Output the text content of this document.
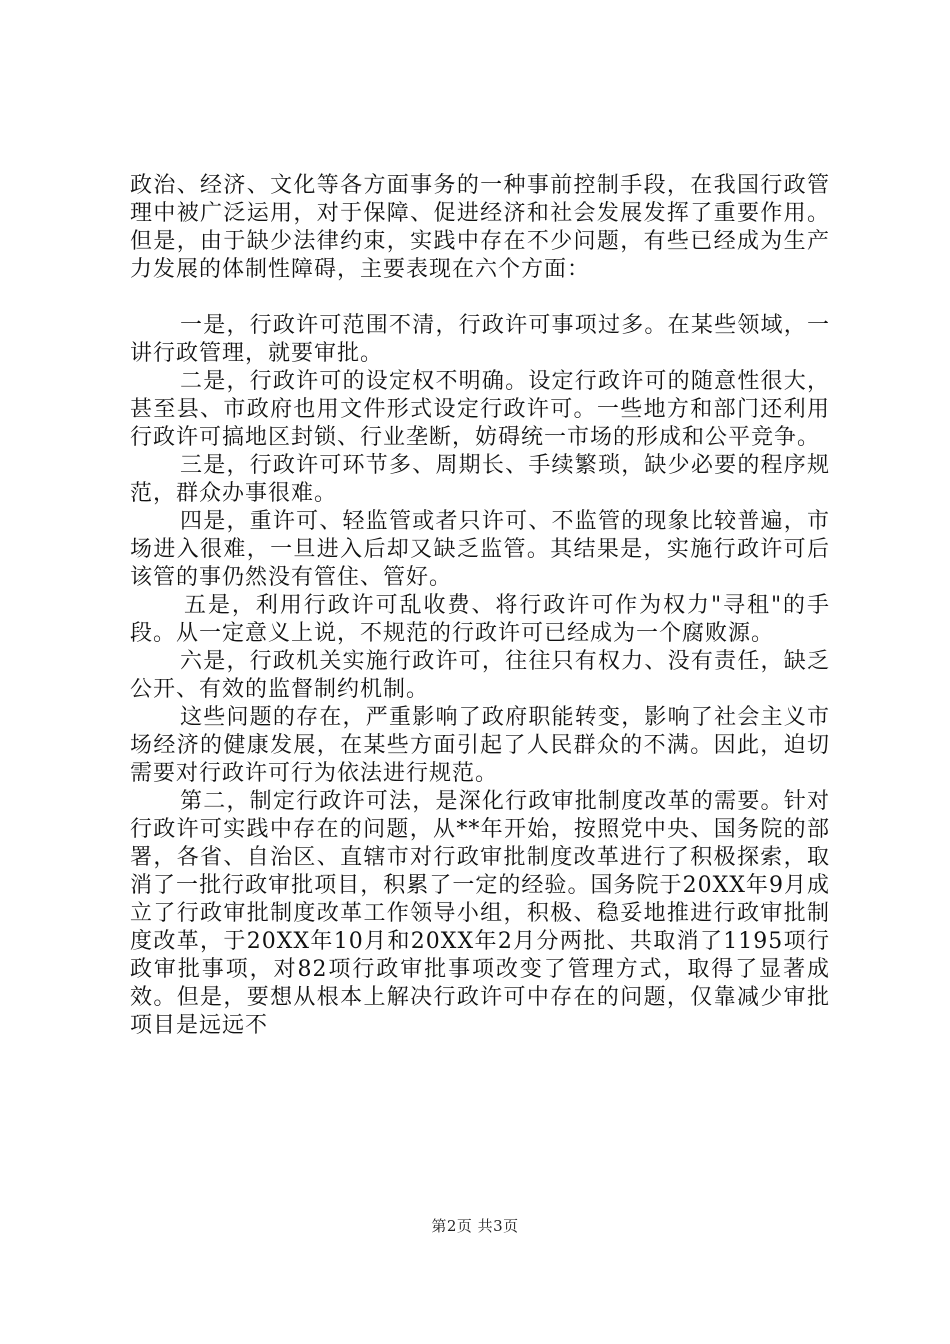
政治、经济、文化等各方面事务的一种事前控制手段，在我国行政管理中被广泛运用，对于保障、促进经济和社会发展发挥了重要作用。但是，由于缺少法律约束，实践中存在不少问题，有些已经成为生产力发展的体制性障碍，主要表现在六个方面：

一是，行政许可范围不清，行政许可事项过多。在某些领域，一讲行政管理，就要审批。

二是，行政许可的设定权不明确。设定行政许可的随意性很大，甚至县、市政府也用文件形式设定行政许可。一些地方和部门还利用行政许可搞地区封锁、行业垄断，妨碍统一市场的形成和公平竞争。

三是，行政许可环节多、周期长、手续繁琐，缺少必要的程序规范，群众办事很难。

四是，重许可、轻监管或者只许可、不监管的现象比较普遍，市场进入很难，一旦进入后却又缺乏监管。其结果是，实施行政许可后该管的事仍然没有管住、管好。

五是，利用行政许可乱收费、将行政许可作为权力"寻租"的手段。从一定意义上说，不规范的行政许可已经成为一个腐败源。

六是，行政机关实施行政许可，往往只有权力、没有责任，缺乏公开、有效的监督制约机制。

这些问题的存在，严重影响了政府职能转变，影响了社会主义市场经济的健康发展，在某些方面引起了人民群众的不满。因此，迫切需要对行政许可行为依法进行规范。

第二，制定行政许可法，是深化行政审批制度改革的需要。针对行政许可实践中存在的问题，从**年开始，按照党中央、国务院的部署，各省、自治区、直辖市对行政审批制度改革进行了积极探索，取消了一批行政审批项目，积累了一定的经验。国务院于20XX年9月成立了行政审批制度改革工作领导小组，积极、稳妥地推进行政审批制度改革，于20XX年10月和20XX年2月分两批、共取消了1195项行政审批事项，对82项行政审批事项改变了管理方式，取得了显著成效。但是，要想从根本上解决行政许可中存在的问题，仅靠减少审批项目是远远不

第2页 共3页
